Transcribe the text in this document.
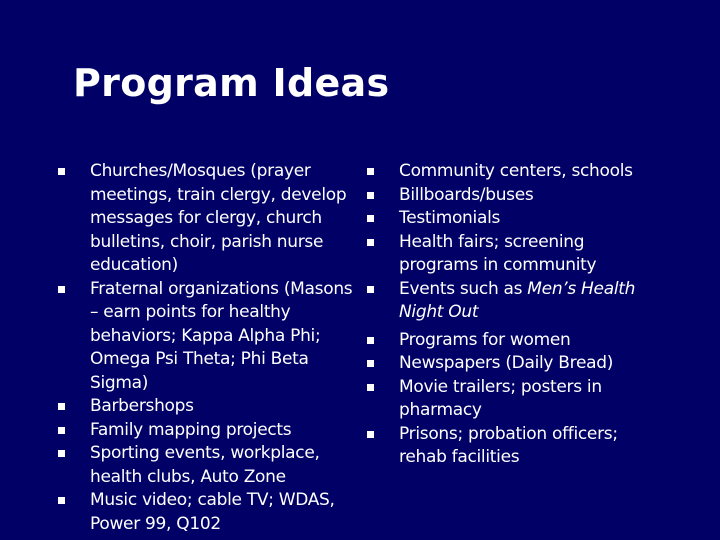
Program Ideas
Churches/Mosques (prayer meetings, train clergy, develop messages for clergy, church bulletins, choir, parish nurse education)
Fraternal organizations (Masons – earn points for healthy behaviors; Kappa Alpha Phi; Omega Psi Theta; Phi Beta Sigma)
Barbershops
Family mapping projects
Sporting events, workplace, health clubs, Auto Zone
Music video; cable TV; WDAS, Power 99, Q102
Community centers, schools
Billboards/buses
Testimonials
Health fairs; screening programs in community
Events such as Men’s Health Night Out
Programs for women
Newspapers (Daily Bread)
Movie trailers; posters in pharmacy
Prisons; probation officers; rehab facilities
